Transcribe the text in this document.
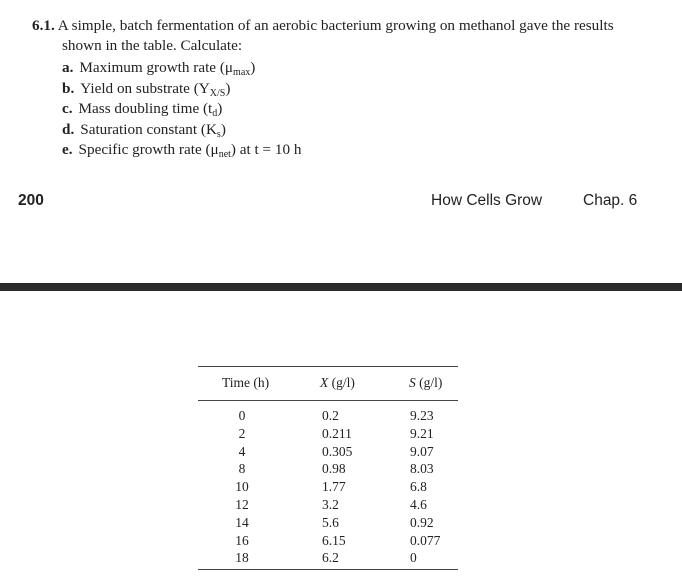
6.1. A simple, batch fermentation of an aerobic bacterium growing on methanol gave the results
shown in the table. Calculate:
a. Maximum growth rate $(\mu_{max})$
b. Yield on substrate $(Y_{X/S})$
c. Mass doubling time $(t_d)$
d. Saturation constant $(K_s)$
e. Specific growth rate $(\mu_{net})$ at t = 10 h
200	How Cells Grow	Chap. 6
Time (h)	X (g/l)	S (g/l)
0	0.2	9.23
2	0.211	9.21
4	0.305	9.07
8	0.98	8.03
10	1.77	6.8
12	3.2	4.6
14	5.6	0.92
16	6.15	0.077
18	6.2	0
